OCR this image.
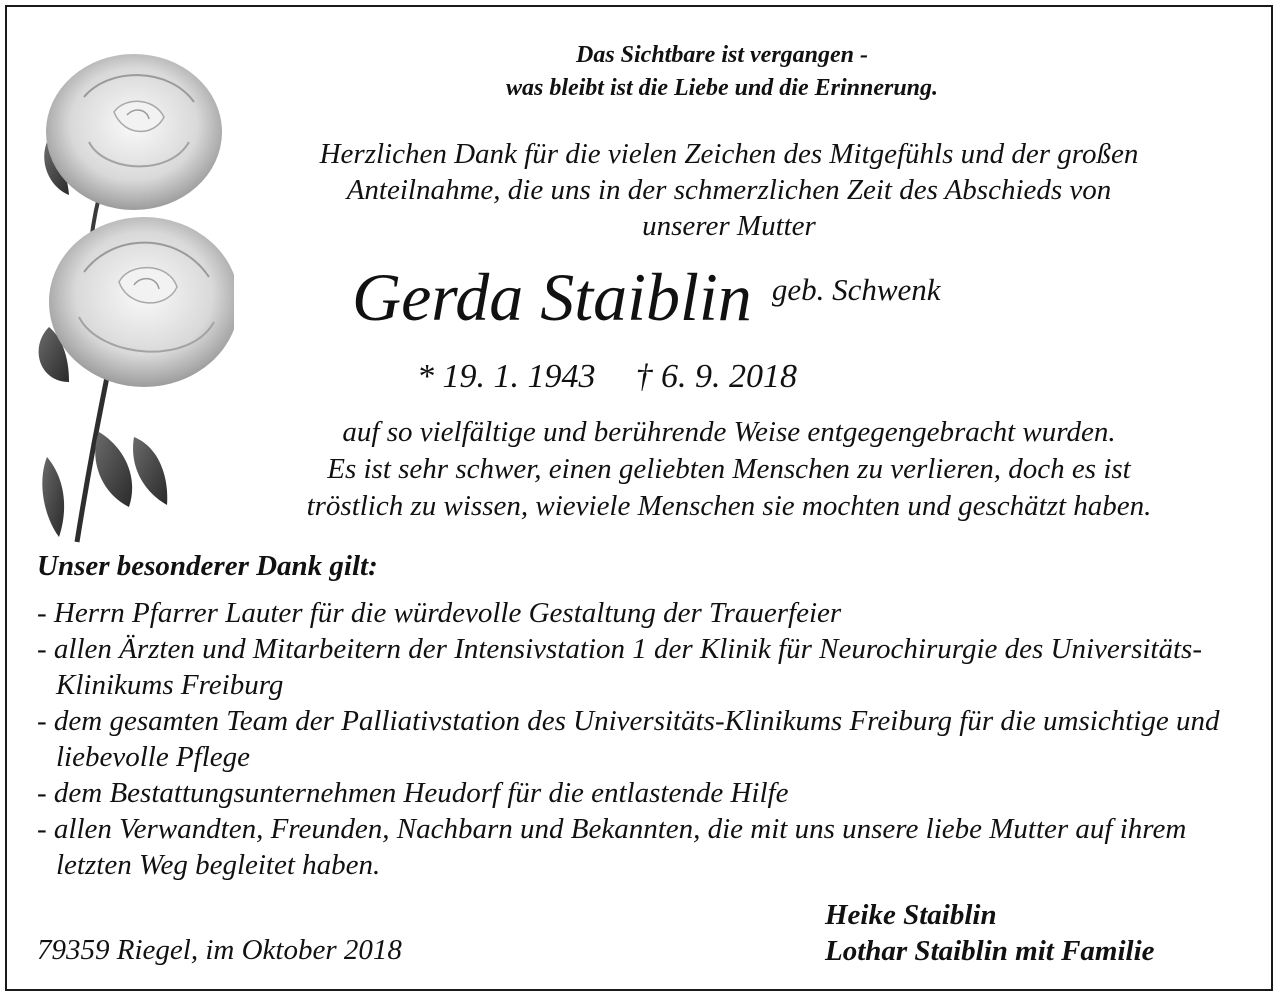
Das Sichtbare ist vergangen -
was bleibt ist die Liebe und die Erinnerung.
Herzlichen Dank für die vielen Zeichen des Mitgefühls und der großen
Anteilnahme, die uns in der schmerzlichen Zeit des Abschieds von
unserer Mutter
Gerda Staiblin geb. Schwenk
* 19. 1. 1943 † 6. 9. 2018
auf so vielfältige und berührende Weise entgegengebracht wurden.
Es ist sehr schwer, einen geliebten Menschen zu verlieren, doch es ist
tröstlich zu wissen, wieviele Menschen sie mochten und geschätzt haben.
Unser besonderer Dank gilt:
- Herrn Pfarrer Lauter für die würdevolle Gestaltung der Trauerfeier
- allen Ärzten und Mitarbeitern der Intensivstation 1 der Klinik für Neurochirurgie des Universitäts-Klinikums Freiburg
- dem gesamten Team der Palliativstation des Universitäts-Klinikums Freiburg für die umsichtige und liebevolle Pflege
- dem Bestattungsunternehmen Heudorf für die entlastende Hilfe
- allen Verwandten, Freunden, Nachbarn und Bekannten, die mit uns unsere liebe Mutter auf ihrem letzten Weg begleitet haben.
79359 Riegel, im Oktober 2018
Heike Staiblin
Lothar Staiblin mit Familie
